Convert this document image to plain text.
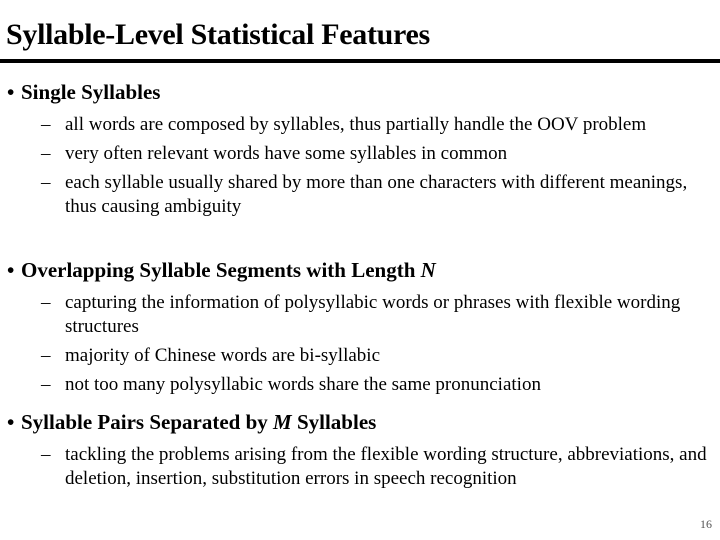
Syllable-Level Statistical Features
• Single Syllables
– all words are composed by syllables, thus partially handle the OOV problem
– very often relevant words have some syllables in common
– each syllable usually shared by more than one characters with different meanings, thus causing ambiguity
• Overlapping Syllable Segments with Length N
– capturing the information of polysyllabic words or phrases with flexible wording structures
– majority of Chinese words are bi-syllabic
– not too many polysyllabic words share the same pronunciation
• Syllable Pairs Separated by M Syllables
– tackling the problems arising from the flexible wording structure, abbreviations, and deletion, insertion, substitution errors in speech recognition
16
